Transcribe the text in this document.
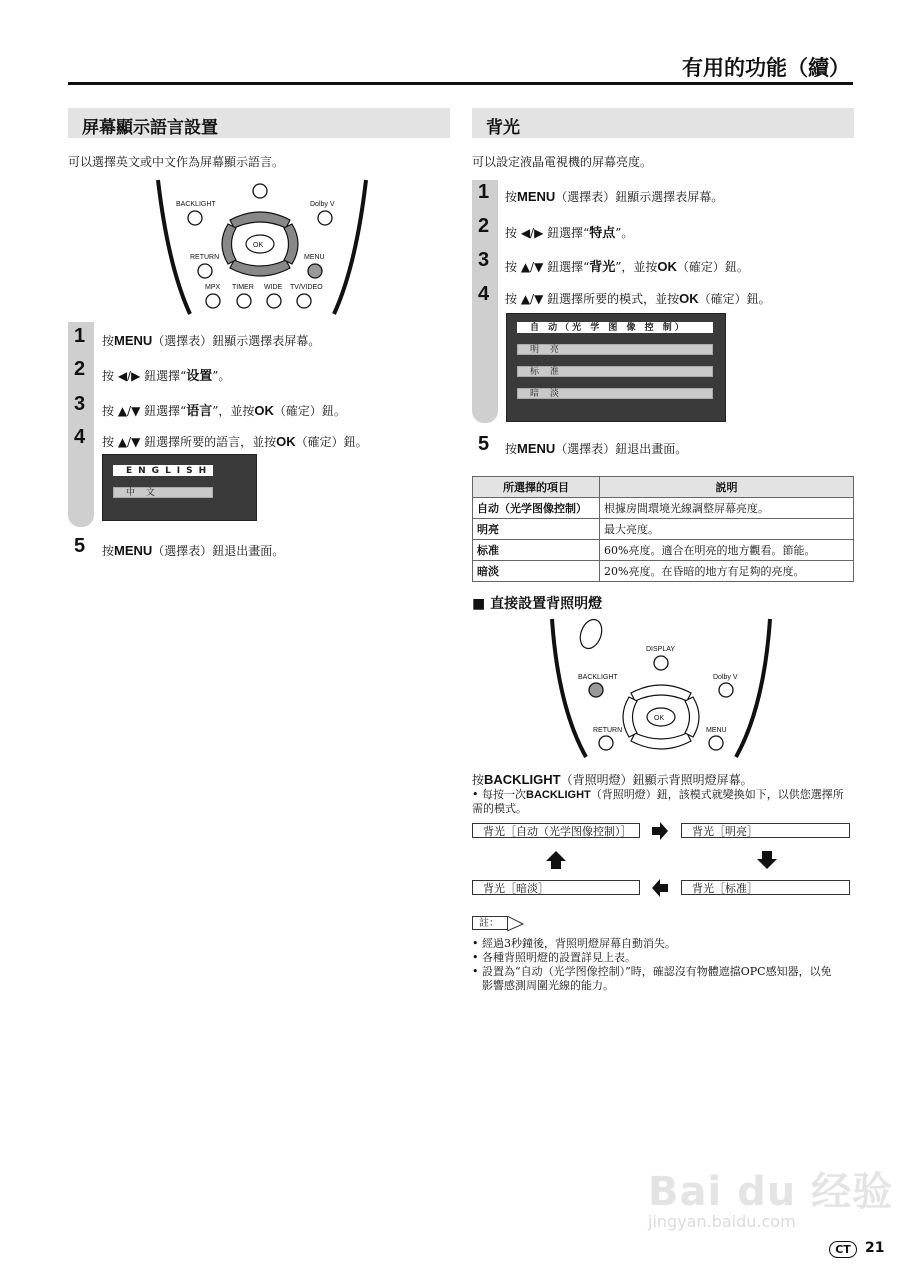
有用的功能（續）
屏幕顯示語言設置
可以選擇英文或中文作為屏幕顯示語言。
BACKLIGHT	Dolby V
OK
RETURN	MENU
MPX TIMER WIDE TV/VIDEO
1 按MENU（選擇表）鈕顯示選擇表屏幕。
2 按 ◀/▶ 鈕選擇“设置”。
3 按 ▲/▼ 鈕選擇“语言”，並按OK（確定）鈕。
4 按 ▲/▼ 鈕選擇所要的語言，並按OK（確定）鈕。
ENGLISH
中 文
5 按MENU（選擇表）鈕退出畫面。
背光
可以設定液晶電視機的屏幕亮度。
1 按MENU（選擇表）鈕顯示選擇表屏幕。
2 按 ◀/▶ 鈕選擇“特点”。
3 按 ▲/▼ 鈕選擇“背光”，並按OK（確定）鈕。
4 按 ▲/▼ 鈕選擇所要的模式，並按OK（確定）鈕。
自 动（光 学 图 像 控 制）
明 亮
标 准
暗 淡
5 按MENU（選擇表）鈕退出畫面。
所選擇的項目	説明
自动（光学图像控制）	根據房間環境光線調整屏幕亮度。
明亮	最大亮度。
标准	60%亮度。適合在明亮的地方觀看。節能。
暗淡	20%亮度。在昏暗的地方有足夠的亮度。
■ 直接設置背照明燈
DISPLAY
BACKLIGHT	Dolby V
OK
RETURN	MENU
按BACKLIGHT（背照明燈）鈕顯示背照明燈屏幕。
• 每按一次BACKLIGHT（背照明燈）鈕，該模式就變換如下，以供您選擇所需的模式。
背光［自动（光学图像控制）］	背光［明亮］
背光［标准］
背光［暗淡］
註：
• 經過3秒鐘後，背照明燈屏幕自動消失。
• 各種背照明燈的設置詳見上表。
• 設置為“自动（光学图像控制）”時，確認沒有物體遮擋OPC感知器，以免影響感測周圍光線的能力。
Bai du 经验
jingyan.baidu.com
CT	21
